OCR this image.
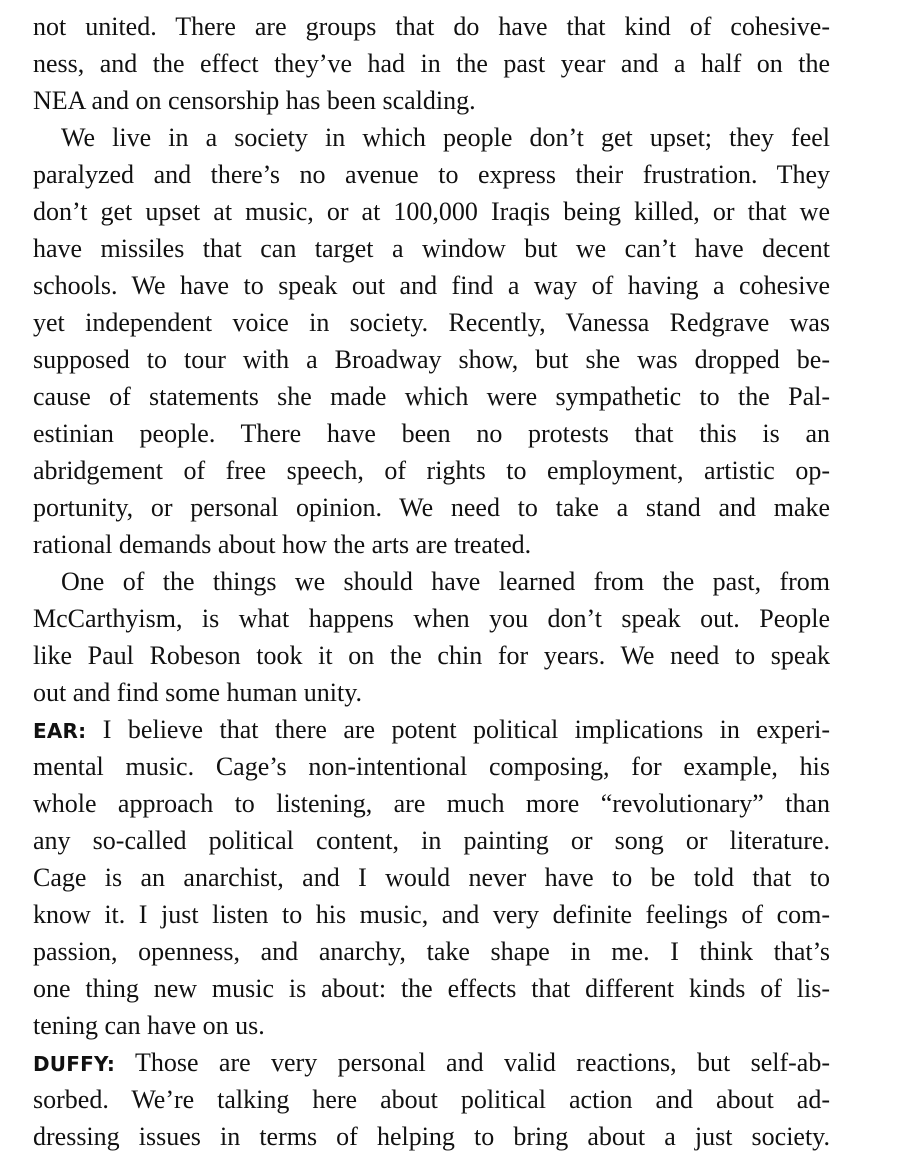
not united. There are groups that do have that kind of cohesive-
ness, and the effect they’ve had in the past year and a half on the
NEA and on censorship has been scalding.
We live in a society in which people don’t get upset; they feel
paralyzed and there’s no avenue to express their frustration. They
don’t get upset at music, or at 100,000 Iraqis being killed, or that we
have missiles that can target a window but we can’t have decent
schools. We have to speak out and find a way of having a cohesive
yet independent voice in society. Recently, Vanessa Redgrave was
supposed to tour with a Broadway show, but she was dropped be-
cause of statements she made which were sympathetic to the Pal-
estinian people. There have been no protests that this is an
abridgement of free speech, of rights to employment, artistic op-
portunity, or personal opinion. We need to take a stand and make
rational demands about how the arts are treated.
One of the things we should have learned from the past, from
McCarthyism, is what happens when you don’t speak out. People
like Paul Robeson took it on the chin for years. We need to speak
out and find some human unity.
EAR: I believe that there are potent political implications in experi-
mental music. Cage’s non-intentional composing, for example, his
whole approach to listening, are much more “revolutionary” than
any so-called political content, in painting or song or literature.
Cage is an anarchist, and I would never have to be told that to
know it. I just listen to his music, and very definite feelings of com-
passion, openness, and anarchy, take shape in me. I think that’s
one thing new music is about: the effects that different kinds of lis-
tening can have on us.
DUFFY: Those are very personal and valid reactions, but self-ab-
sorbed. We’re talking here about political action and about ad-
dressing issues in terms of helping to bring about a just society.
